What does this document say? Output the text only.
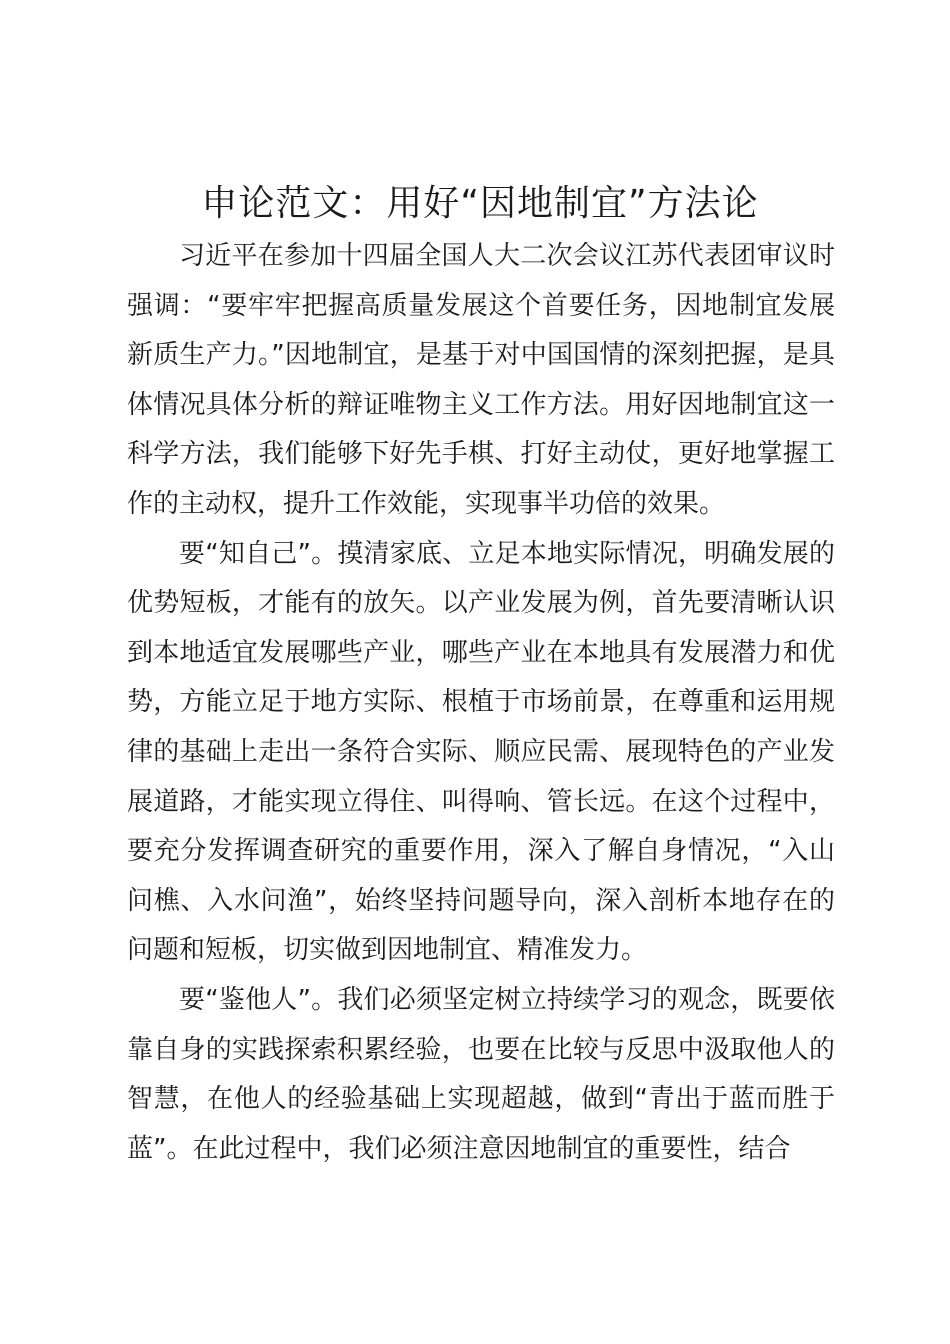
申论范文：用好“因地制宜”方法论
习近平在参加十四届全国人大二次会议江苏代表团审议时强调：“要牢牢把握高质量发展这个首要任务，因地制宜发展新质生产力。”因地制宜，是基于对中国国情的深刻把握，是具体情况具体分析的辩证唯物主义工作方法。用好因地制宜这一科学方法，我们能够下好先手棋、打好主动仗，更好地掌握工作的主动权，提升工作效能，实现事半功倍的效果。
要“知自己”。摸清家底、立足本地实际情况，明确发展的优势短板，才能有的放矢。以产业发展为例，首先要清晰认识到本地适宜发展哪些产业，哪些产业在本地具有发展潜力和优势，方能立足于地方实际、根植于市场前景，在尊重和运用规律的基础上走出一条符合实际、顺应民需、展现特色的产业发展道路，才能实现立得住、叫得响、管长远。在这个过程中，要充分发挥调查研究的重要作用，深入了解自身情况，“入山问樵、入水问渔”，始终坚持问题导向，深入剖析本地存在的问题和短板，切实做到因地制宜、精准发力。
要“鉴他人”。我们必须坚定树立持续学习的观念，既要依靠自身的实践探索积累经验，也要在比较与反思中汲取他人的智慧，在他人的经验基础上实现超越，做到“青出于蓝而胜于蓝”。在此过程中，我们必须注意因地制宜的重要性，结合
